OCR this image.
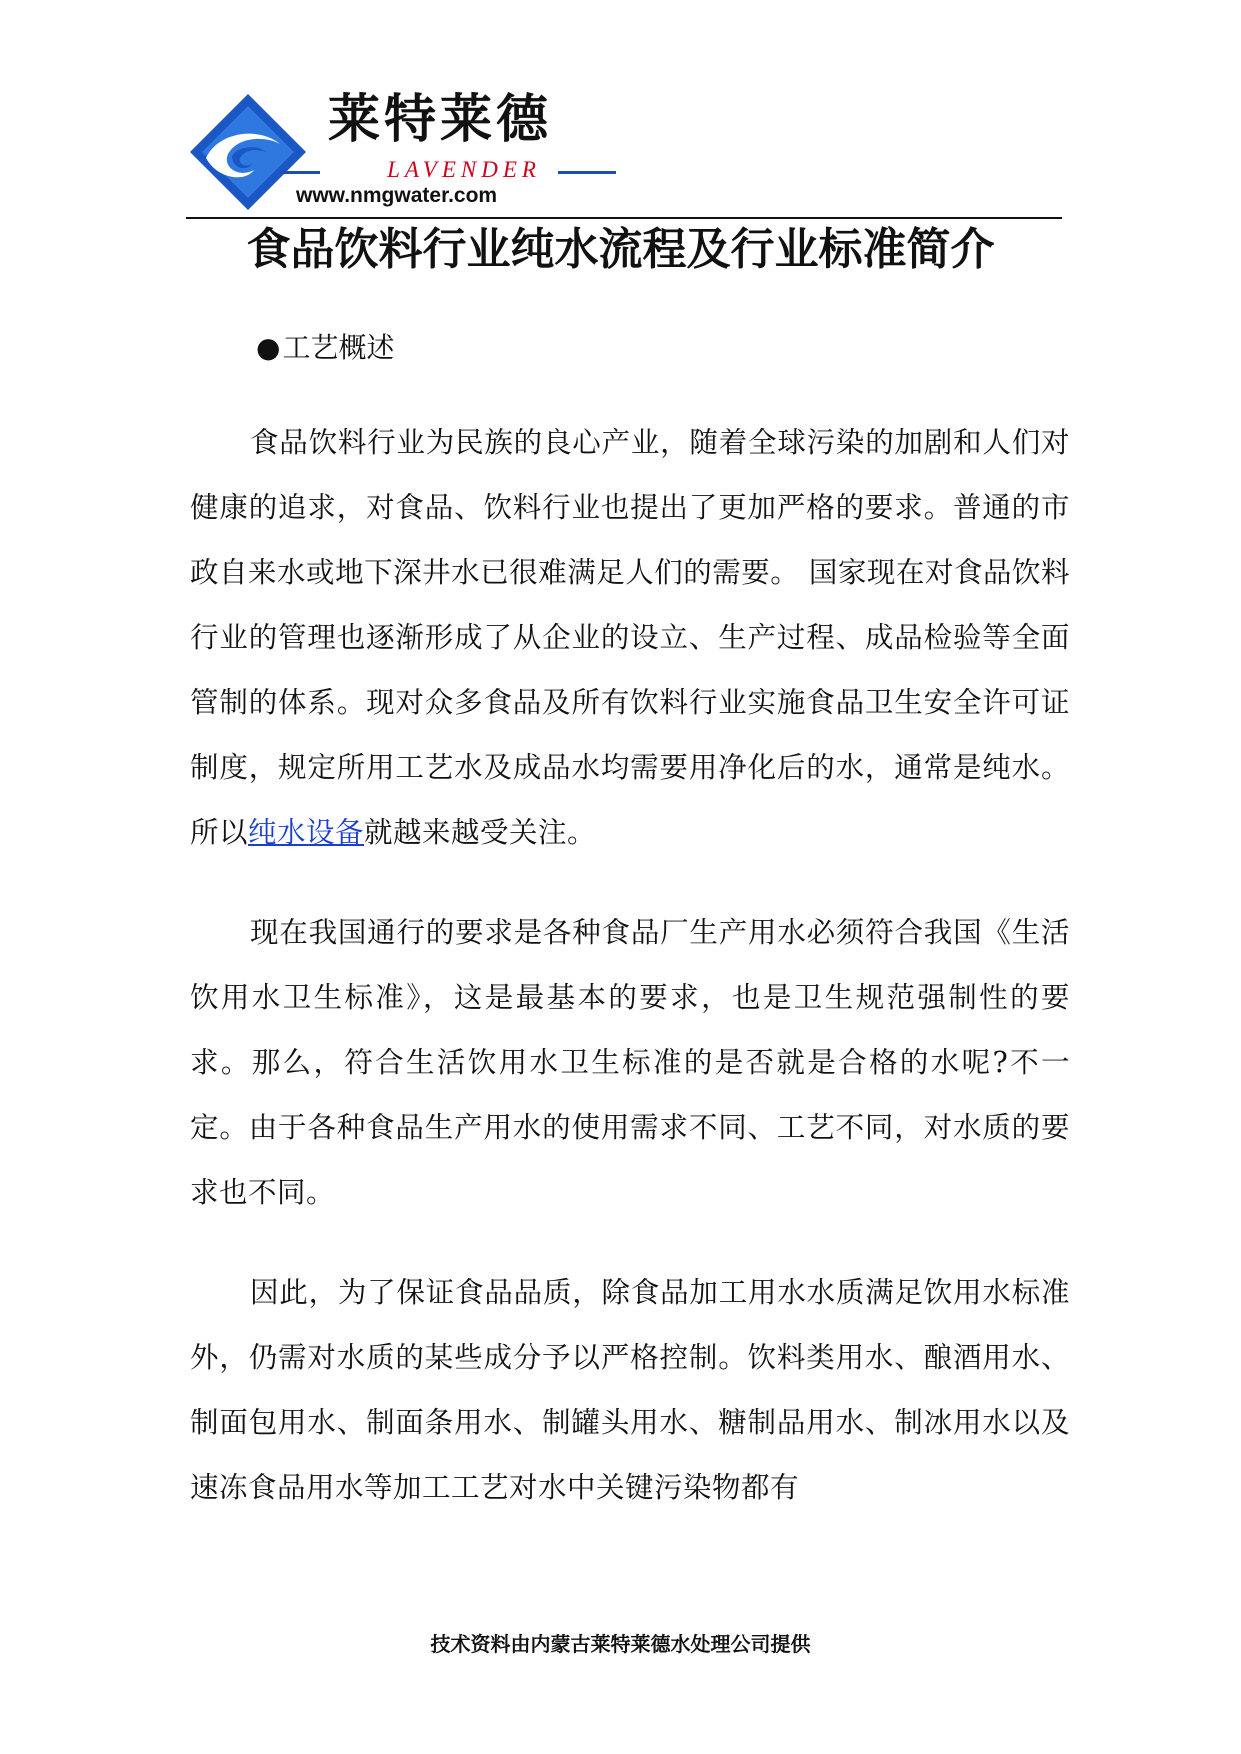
莱特莱德
LAVENDER
www.nmgwater.com
食品饮料行业纯水流程及行业标准简介
●工艺概述
食品饮料行业为民族的良心产业，随着全球污染的加剧和人们对健康的追求，对食品、饮料行业也提出了更加严格的要求。普通的市政自来水或地下深井水已很难满足人们的需要。 国家现在对食品饮料行业的管理也逐渐形成了从企业的设立、生产过程、成品检验等全面管制的体系。现对众多食品及所有饮料行业实施食品卫生安全许可证制度，规定所用工艺水及成品水均需要用净化后的水，通常是纯水。所以纯水设备就越来越受关注。
现在我国通行的要求是各种食品厂生产用水必须符合我国《生活饮用水卫生标准》，这是最基本的要求，也是卫生规范强制性的要求。那么，符合生活饮用水卫生标准的是否就是合格的水呢?不一定。由于各种食品生产用水的使用需求不同、工艺不同，对水质的要求也不同。
因此，为了保证食品品质，除食品加工用水水质满足饮用水标准外，仍需对水质的某些成分予以严格控制。饮料类用水、酿酒用水、制面包用水、制面条用水、制罐头用水、糖制品用水、制冰用水以及速冻食品用水等加工工艺对水中关键污染物都有
技术资料由内蒙古莱特莱德水处理公司提供
